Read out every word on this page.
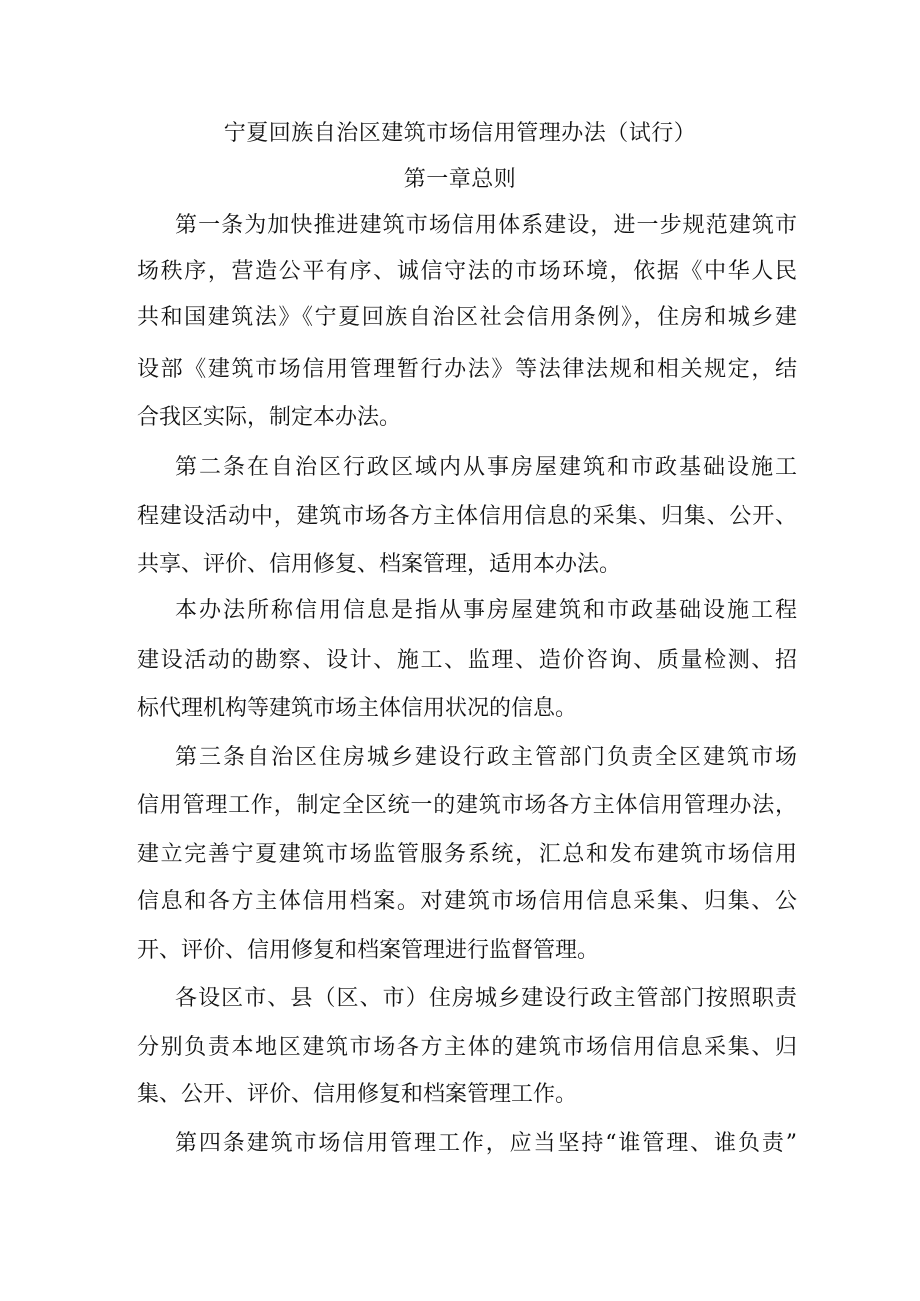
宁夏回族自治区建筑市场信用管理办法（试行）
第一章总则
第一条为加快推进建筑市场信用体系建设，进一步规范建筑市
场秩序，营造公平有序、诚信守法的市场环境，依据《中华人民
共和国建筑法》《宁夏回族自治区社会信用条例》，住房和城乡建
设部《建筑市场信用管理暂行办法》等法律法规和相关规定，结
合我区实际，制定本办法。
第二条在自治区行政区域内从事房屋建筑和市政基础设施工
程建设活动中，建筑市场各方主体信用信息的采集、归集、公开、
共享、评价、信用修复、档案管理，适用本办法。
本办法所称信用信息是指从事房屋建筑和市政基础设施工程
建设活动的勘察、设计、施工、监理、造价咨询、质量检测、招
标代理机构等建筑市场主体信用状况的信息。
第三条自治区住房城乡建设行政主管部门负责全区建筑市场
信用管理工作，制定全区统一的建筑市场各方主体信用管理办法，
建立完善宁夏建筑市场监管服务系统，汇总和发布建筑市场信用
信息和各方主体信用档案。对建筑市场信用信息采集、归集、公
开、评价、信用修复和档案管理进行监督管理。
各设区市、县（区、市）住房城乡建设行政主管部门按照职责
分别负责本地区建筑市场各方主体的建筑市场信用信息采集、归
集、公开、评价、信用修复和档案管理工作。
第四条建筑市场信用管理工作，应当坚持“谁管理、谁负责”
